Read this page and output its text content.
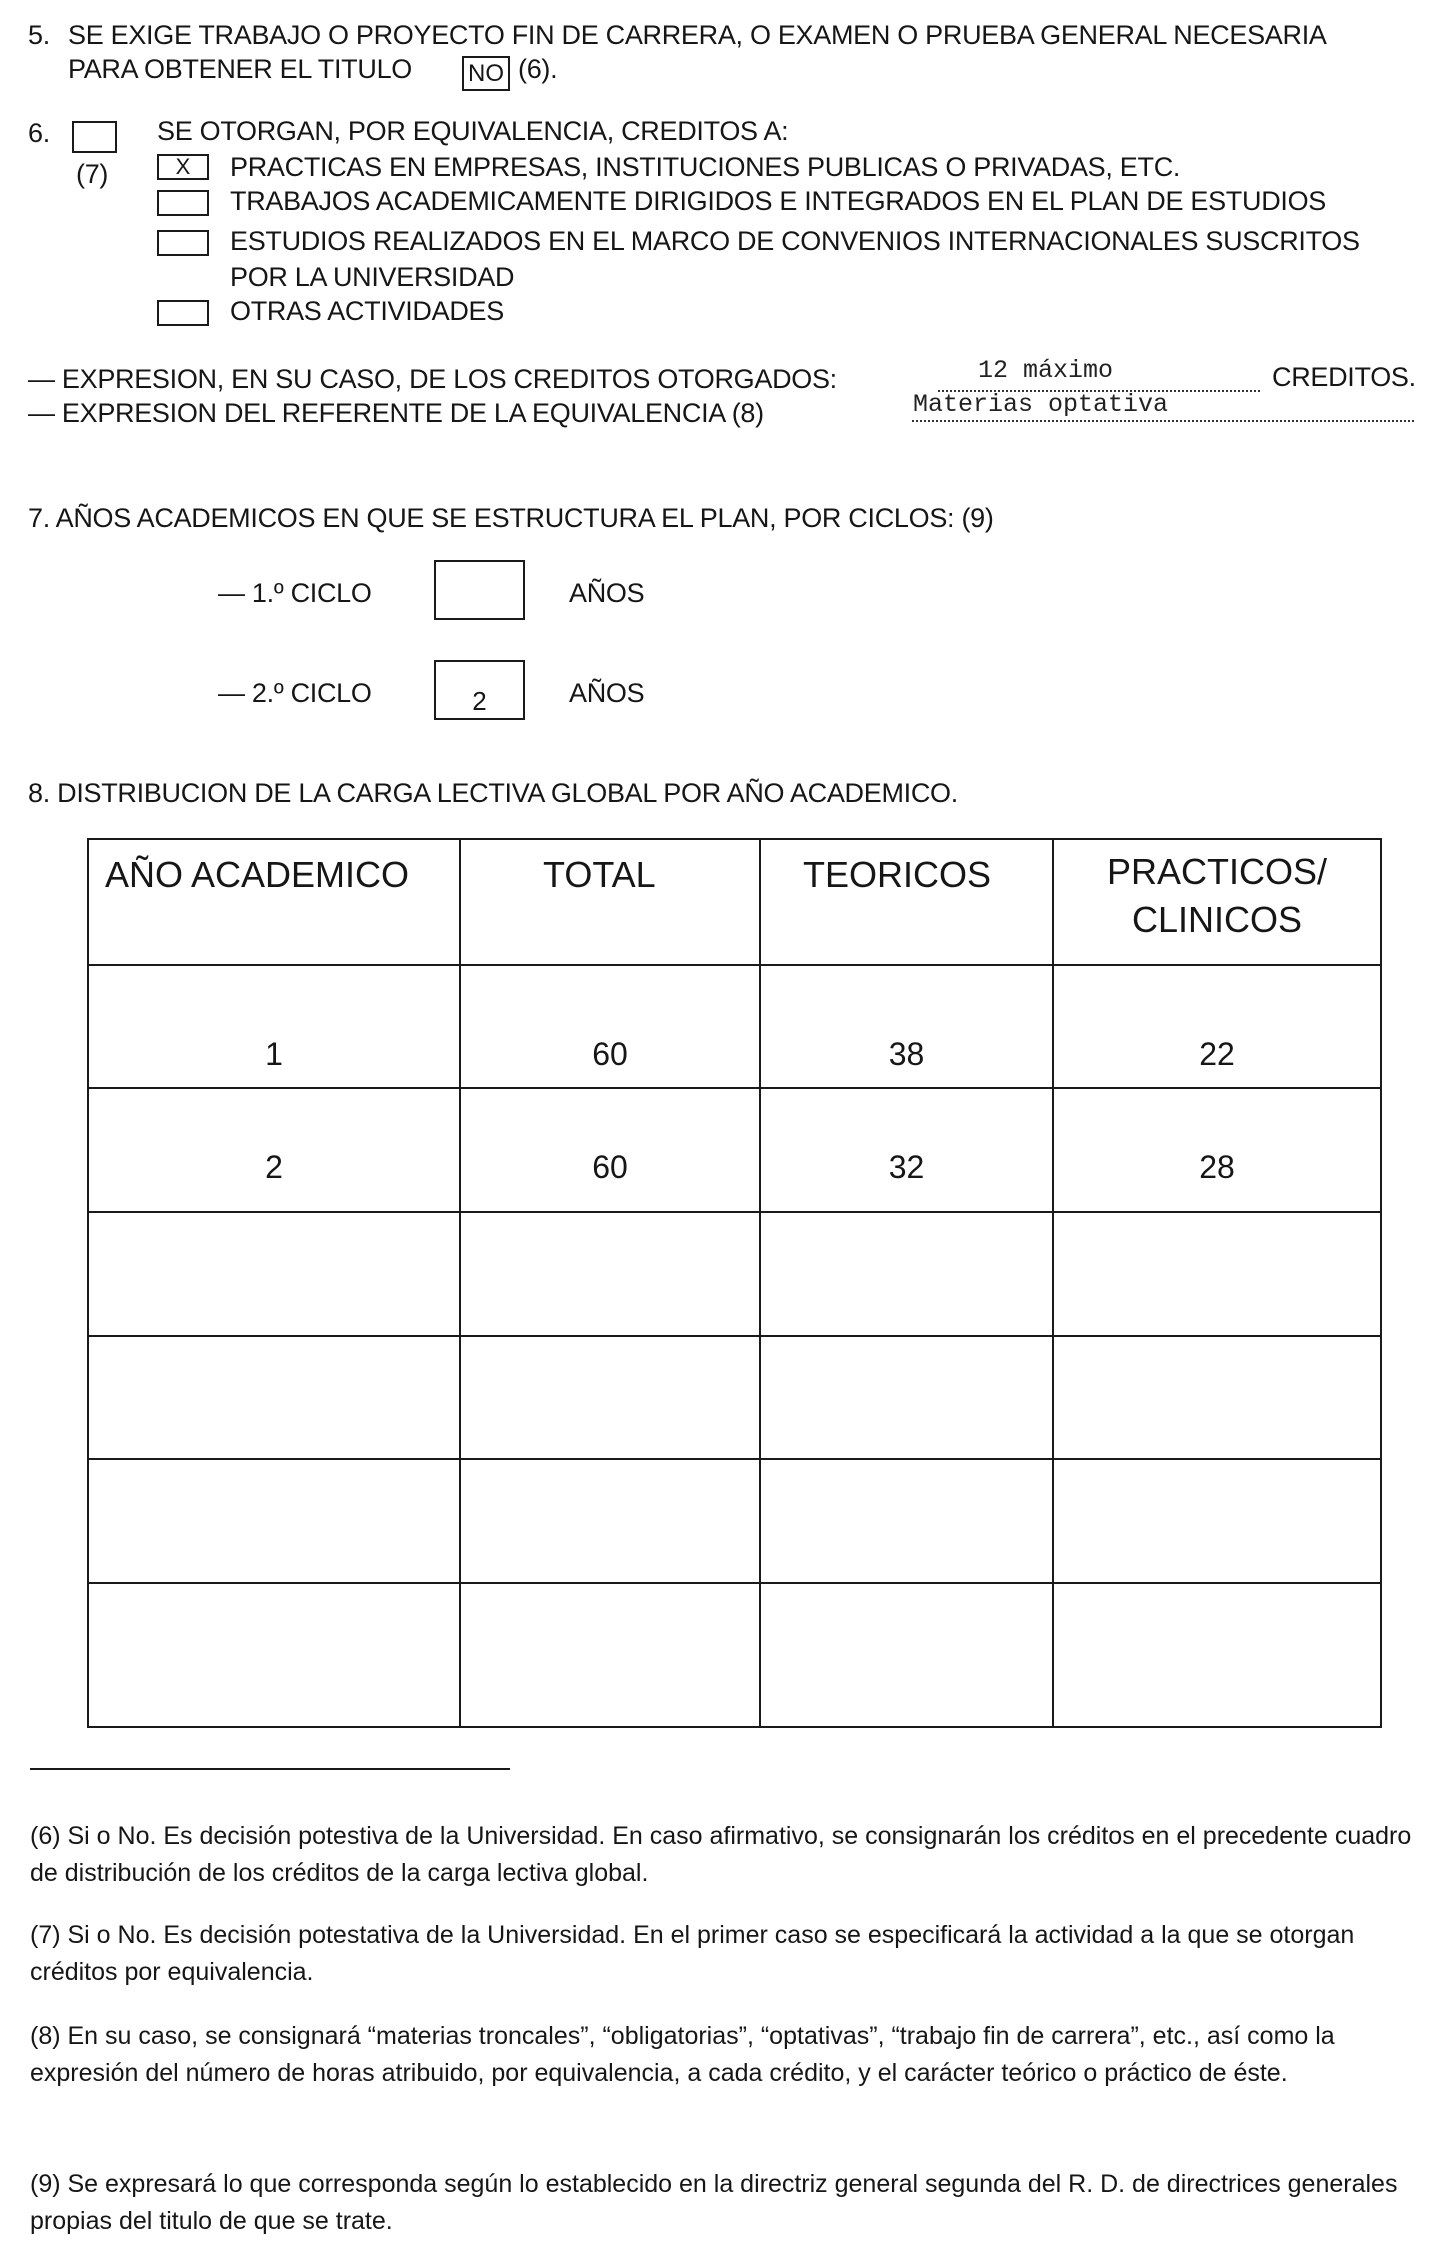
5. SE EXIGE TRABAJO O PROYECTO FIN DE CARRERA, O EXAMEN O PRUEBA GENERAL NECESARIA
PARA OBTENER EL TITULO NO (6).
6.
(7)
SE OTORGAN, POR EQUIVALENCIA, CREDITOS A:
X	PRACTICAS EN EMPRESAS, INSTITUCIONES PUBLICAS O PRIVADAS, ETC.
TRABAJOS ACADEMICAMENTE DIRIGIDOS E INTEGRADOS EN EL PLAN DE ESTUDIOS
ESTUDIOS REALIZADOS EN EL MARCO DE CONVENIOS INTERNACIONALES SUSCRITOS
POR LA UNIVERSIDAD
OTRAS ACTIVIDADES
— EXPRESION, EN SU CASO, DE LOS CREDITOS OTORGADOS:	12 máximo	CREDITOS.
— EXPRESION DEL REFERENTE DE LA EQUIVALENCIA (8)	Materias optativa
7. AÑOS ACADEMICOS EN QUE SE ESTRUCTURA EL PLAN, POR CICLOS: (9)
— 1.º CICLO	AÑOS
— 2.º CICLO	2	AÑOS
8. DISTRIBUCION DE LA CARGA LECTIVA GLOBAL POR AÑO ACADEMICO.
AÑO ACADEMICO	TOTAL	TEORICOS	PRACTICOS/
CLINICOS
1	60	38	22
2	60	32	28

(6) Si o No. Es decisión potestiva de la Universidad. En caso afirmativo, se consignarán los créditos en el precedente cuadro de distribución de los créditos de la carga lectiva global.
(7) Si o No. Es decisión potestativa de la Universidad. En el primer caso se especificará la actividad a la que se otorgan créditos por equivalencia.
(8) En su caso, se consignará “materias troncales”, “obligatorias”, “optativas”, “trabajo fin de carrera”, etc., así como la expresión del número de horas atribuido, por equivalencia, a cada crédito, y el carácter teórico o práctico de éste.
(9) Se expresará lo que corresponda según lo establecido en la directriz general segunda del R. D. de directrices generales propias del titulo de que se trate.
